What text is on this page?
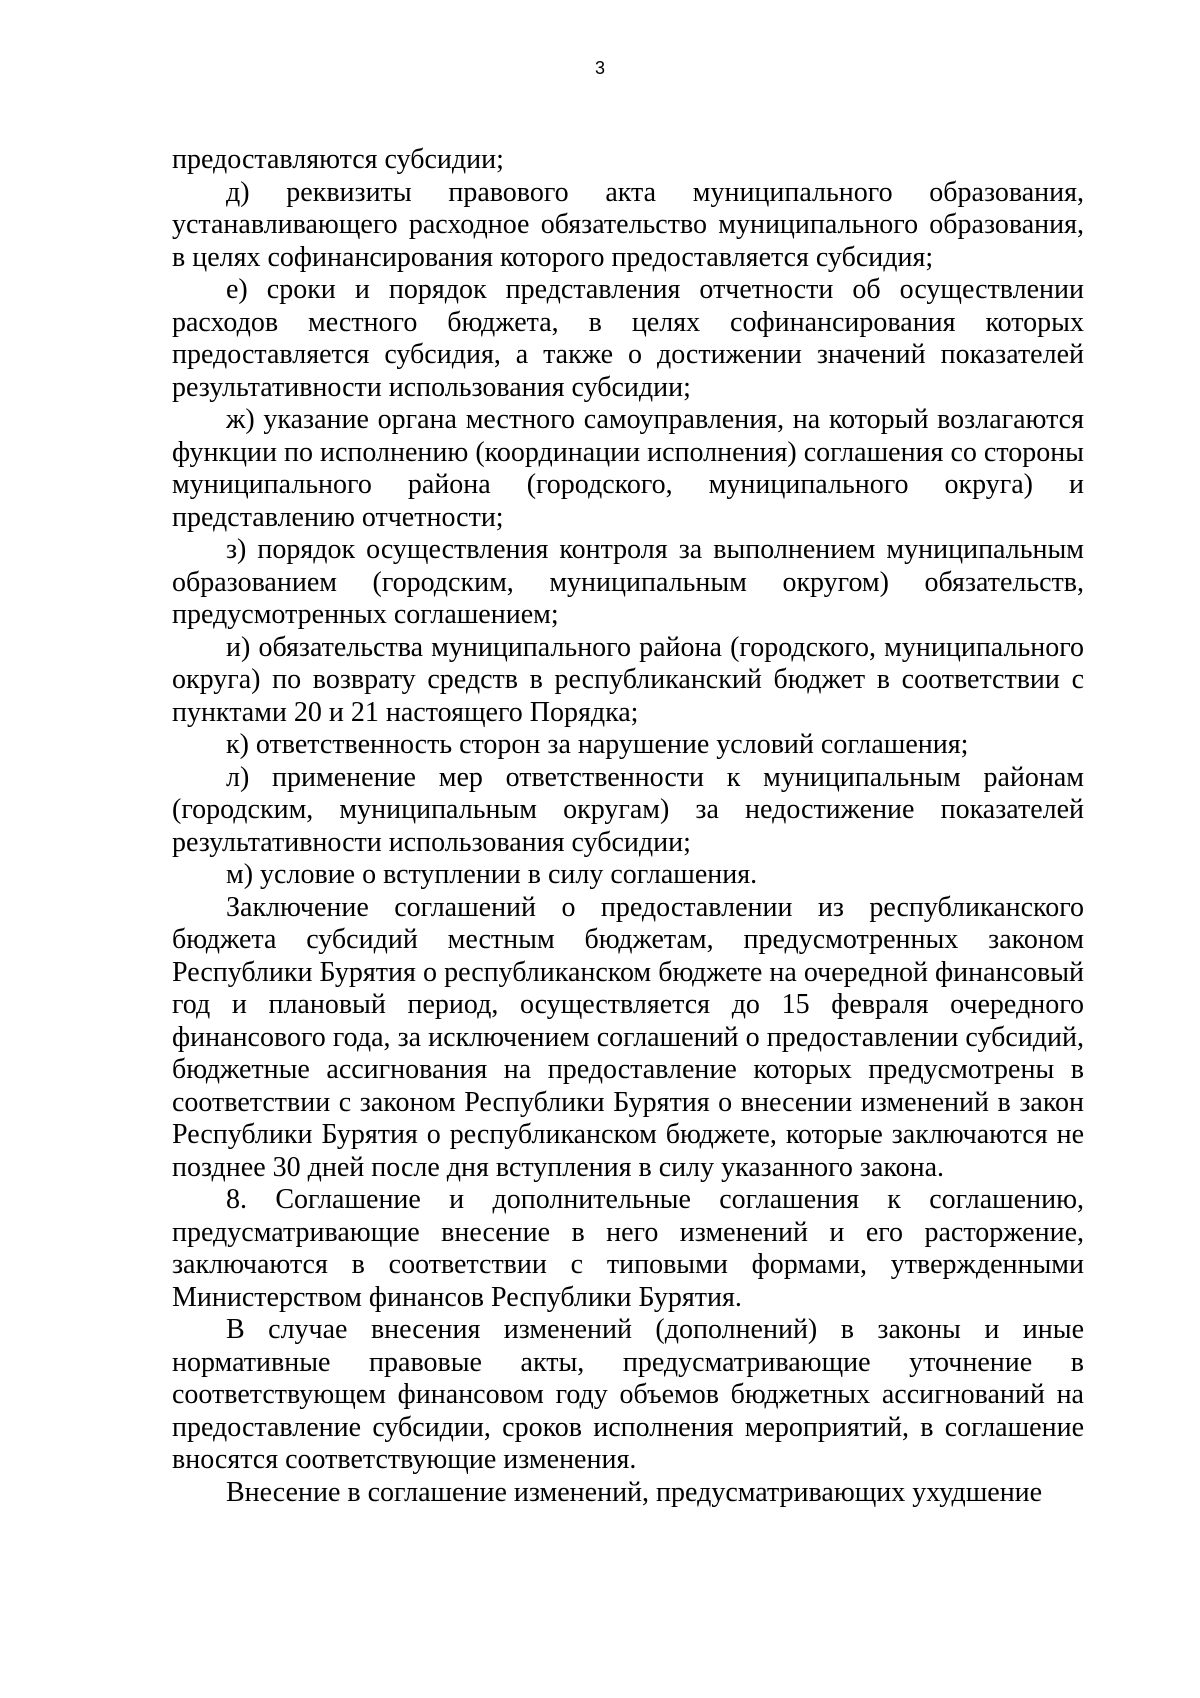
3

предоставляются субсидии;

д) реквизиты правового акта муниципального образования, устанавливающего расходное обязательство муниципального образования, в целях софинансирования которого предоставляется субсидия;

е) сроки и порядок представления отчетности об осуществлении расходов местного бюджета, в целях софинансирования которых предоставляется субсидия, а также о достижении значений показателей результативности использования субсидии;

ж) указание органа местного самоуправления, на который возлагаются функции по исполнению (координации исполнения) соглашения со стороны муниципального района (городского, муниципального округа) и представлению отчетности;

з) порядок осуществления контроля за выполнением муниципальным образованием (городским, муниципальным округом) обязательств, предусмотренных соглашением;

и) обязательства муниципального района (городского, муниципального округа) по возврату средств в республиканский бюджет в соответствии с пунктами 20 и 21 настоящего Порядка;

к) ответственность сторон за нарушение условий соглашения;

л) применение мер ответственности к муниципальным районам (городским, муниципальным округам) за недостижение показателей результативности использования субсидии;

м) условие о вступлении в силу соглашения.

Заключение соглашений о предоставлении из республиканского бюджета субсидий местным бюджетам, предусмотренных законом Республики Бурятия о республиканском бюджете на очередной финансовый год и плановый период, осуществляется до 15 февраля очередного финансового года, за исключением соглашений о предоставлении субсидий, бюджетные ассигнования на предоставление которых предусмотрены в соответствии с законом Республики Бурятия о внесении изменений в закон Республики Бурятия о республиканском бюджете, которые заключаются не позднее 30 дней после дня вступления в силу указанного закона.

8. Соглашение и дополнительные соглашения к соглашению, предусматривающие внесение в него изменений и его расторжение, заключаются в соответствии с типовыми формами, утвержденными Министерством финансов Республики Бурятия.

В случае внесения изменений (дополнений) в законы и иные нормативные правовые акты, предусматривающие уточнение в соответствующем финансовом году объемов бюджетных ассигнований на предоставление субсидии, сроков исполнения мероприятий, в соглашение вносятся соответствующие изменения.

Внесение в соглашение изменений, предусматривающих ухудшение
